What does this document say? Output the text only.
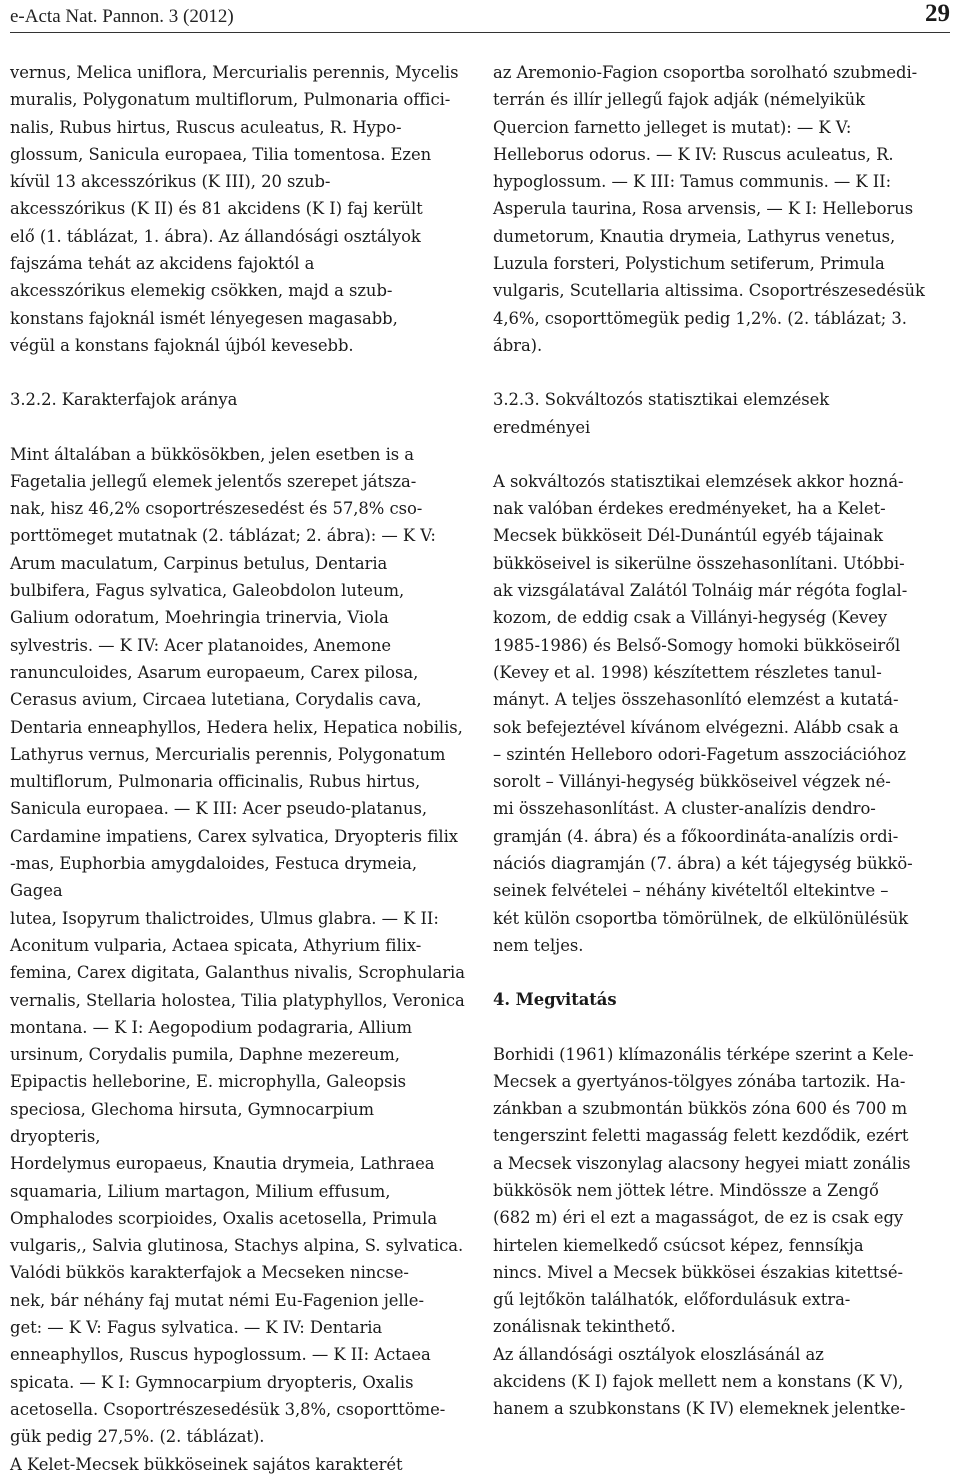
e-Acta Nat. Pannon. 3 (2012)	29

vernus, Melica uniflora, Mercurialis perennis, Mycelis
muralis, Polygonatum multiflorum, Pulmonaria offici-
nalis, Rubus hirtus, Ruscus aculeatus, R. Hypo-
glossum, Sanicula europaea, Tilia tomentosa. Ezen
kívül 13 akcesszórikus (K III), 20 szub-
akcesszórikus (K II) és 81 akcidens (K I) faj került
elő (1. táblázat, 1. ábra). Az állandósági osztályok
fajszáma tehát az akcidens fajoktól a
akcesszórikus elemekig csökken, majd a szub-
konstans fajoknál ismét lényegesen magasabb,
végül a konstans fajoknál újból kevesebb.

3.2.2. Karakterfajok aránya

Mint általában a bükkösökben, jelen esetben is a
Fagetalia jellegű elemek jelentős szerepet játsza-
nak, hisz 46,2% csoportrészesedést és 57,8% cso-
porttömeget mutatnak (2. táblázat; 2. ábra): — K V:
Arum maculatum, Carpinus betulus, Dentaria
bulbifera, Fagus sylvatica, Galeobdolon luteum,
Galium odoratum, Moehringia trinervia, Viola
sylvestris. — K IV: Acer platanoides, Anemone
ranunculoides, Asarum europaeum, Carex pilosa,
Cerasus avium, Circaea lutetiana, Corydalis cava,
Dentaria enneaphyllos, Hedera helix, Hepatica nobilis,
Lathyrus vernus, Mercurialis perennis, Polygonatum
multiflorum, Pulmonaria officinalis, Rubus hirtus,
Sanicula europaea. — K III: Acer pseudo-platanus,
Cardamine impatiens, Carex sylvatica, Dryopteris filix
-mas, Euphorbia amygdaloides, Festuca drymeia, Gagea
lutea, Isopyrum thalictroides, Ulmus glabra. — K II:
Aconitum vulparia, Actaea spicata, Athyrium filix-
femina, Carex digitata, Galanthus nivalis, Scrophularia
vernalis, Stellaria holostea, Tilia platyphyllos, Veronica
montana. — K I: Aegopodium podagraria, Allium
ursinum, Corydalis pumila, Daphne mezereum,
Epipactis helleborine, E. microphylla, Galeopsis
speciosa, Glechoma hirsuta, Gymnocarpium dryopteris,
Hordelymus europaeus, Knautia drymeia, Lathraea
squamaria, Lilium martagon, Milium effusum,
Omphalodes scorpioides, Oxalis acetosella, Primula
vulgaris,, Salvia glutinosa, Stachys alpina, S. sylvatica.
Valódi bükkös karakterfajok a Mecseken nincse-
nek, bár néhány faj mutat némi Eu-Fagenion jelle-
get: — K V: Fagus sylvatica. — K IV: Dentaria
enneaphyllos, Ruscus hypoglossum. — K II: Actaea
spicata. — K I: Gymnocarpium dryopteris, Oxalis
acetosella. Csoportrészesedésük 3,8%, csoporttöme-
gük pedig 27,5%. (2. táblázat).
A Kelet-Mecsek bükköseinek sajátos karakterét

az Aremonio-Fagion csoportba sorolható szubmedi-
terrán és illír jellegű fajok adják (némelyikük
Quercion farnetto jelleget is mutat): — K V:
Helleborus odorus. — K IV: Ruscus aculeatus, R.
hypoglossum. — K III: Tamus communis. — K II:
Asperula taurina, Rosa arvensis, — K I: Helleborus
dumetorum, Knautia drymeia, Lathyrus venetus,
Luzula forsteri, Polystichum setiferum, Primula
vulgaris, Scutellaria altissima. Csoportrészesedésük
4,6%, csoporttömegük pedig 1,2%. (2. táblázat; 3.
ábra).

3.2.3. Sokváltozós statisztikai elemzések
eredményei

A sokváltozós statisztikai elemzések akkor hozná-
nak valóban érdekes eredményeket, ha a Kelet-
Mecsek bükköseit Dél-Dunántúl egyéb tájainak
bükköseivel is sikerülne összehasonlítani. Utóbbi-
ak vizsgálatával Zalától Tolnáig már régóta foglal-
kozom, de eddig csak a Villányi-hegység (Kevey
1985-1986) és Belső-Somogy homoki bükköseiről
(Kevey et al. 1998) készítettem részletes tanul-
mányt. A teljes összehasonlító elemzést a kutatá-
sok befejeztével kívánom elvégezni. Alább csak a
– szintén Helleboro odori-Fagetum asszociációhoz
sorolt – Villányi-hegység bükköseivel végzek né-
mi összehasonlítást. A cluster-analízis dendro-
gramján (4. ábra) és a főkoordináta-analízis ordi-
nációs diagramján (7. ábra) a két tájegység bükkö-
seinek felvételei – néhány kivételtől eltekintve –
két külön csoportba tömörülnek, de elkülönülésük
nem teljes.

4. Megvitatás

Borhidi (1961) klímazonális térképe szerint a Kele-
Mecsek a gyertyános-tölgyes zónába tartozik. Ha-
zánkban a szubmontán bükkös zóna 600 és 700 m
tengerszint feletti magasság felett kezdődik, ezért
a Mecsek viszonylag alacsony hegyei miatt zonális
bükkösök nem jöttek létre. Mindössze a Zengő
(682 m) éri el ezt a magasságot, de ez is csak egy
hirtelen kiemelkedő csúcsot képez, fennsíkja
nincs. Mivel a Mecsek bükkösei északias kitettsé-
gű lejtőkön találhatók, előfordulásuk extra-
zonálisnak tekinthető.
Az állandósági osztályok eloszlásánál az
akcidens (K I) fajok mellett nem a konstans (K V),
hanem a szubkonstans (K IV) elemeknek jelentke-
